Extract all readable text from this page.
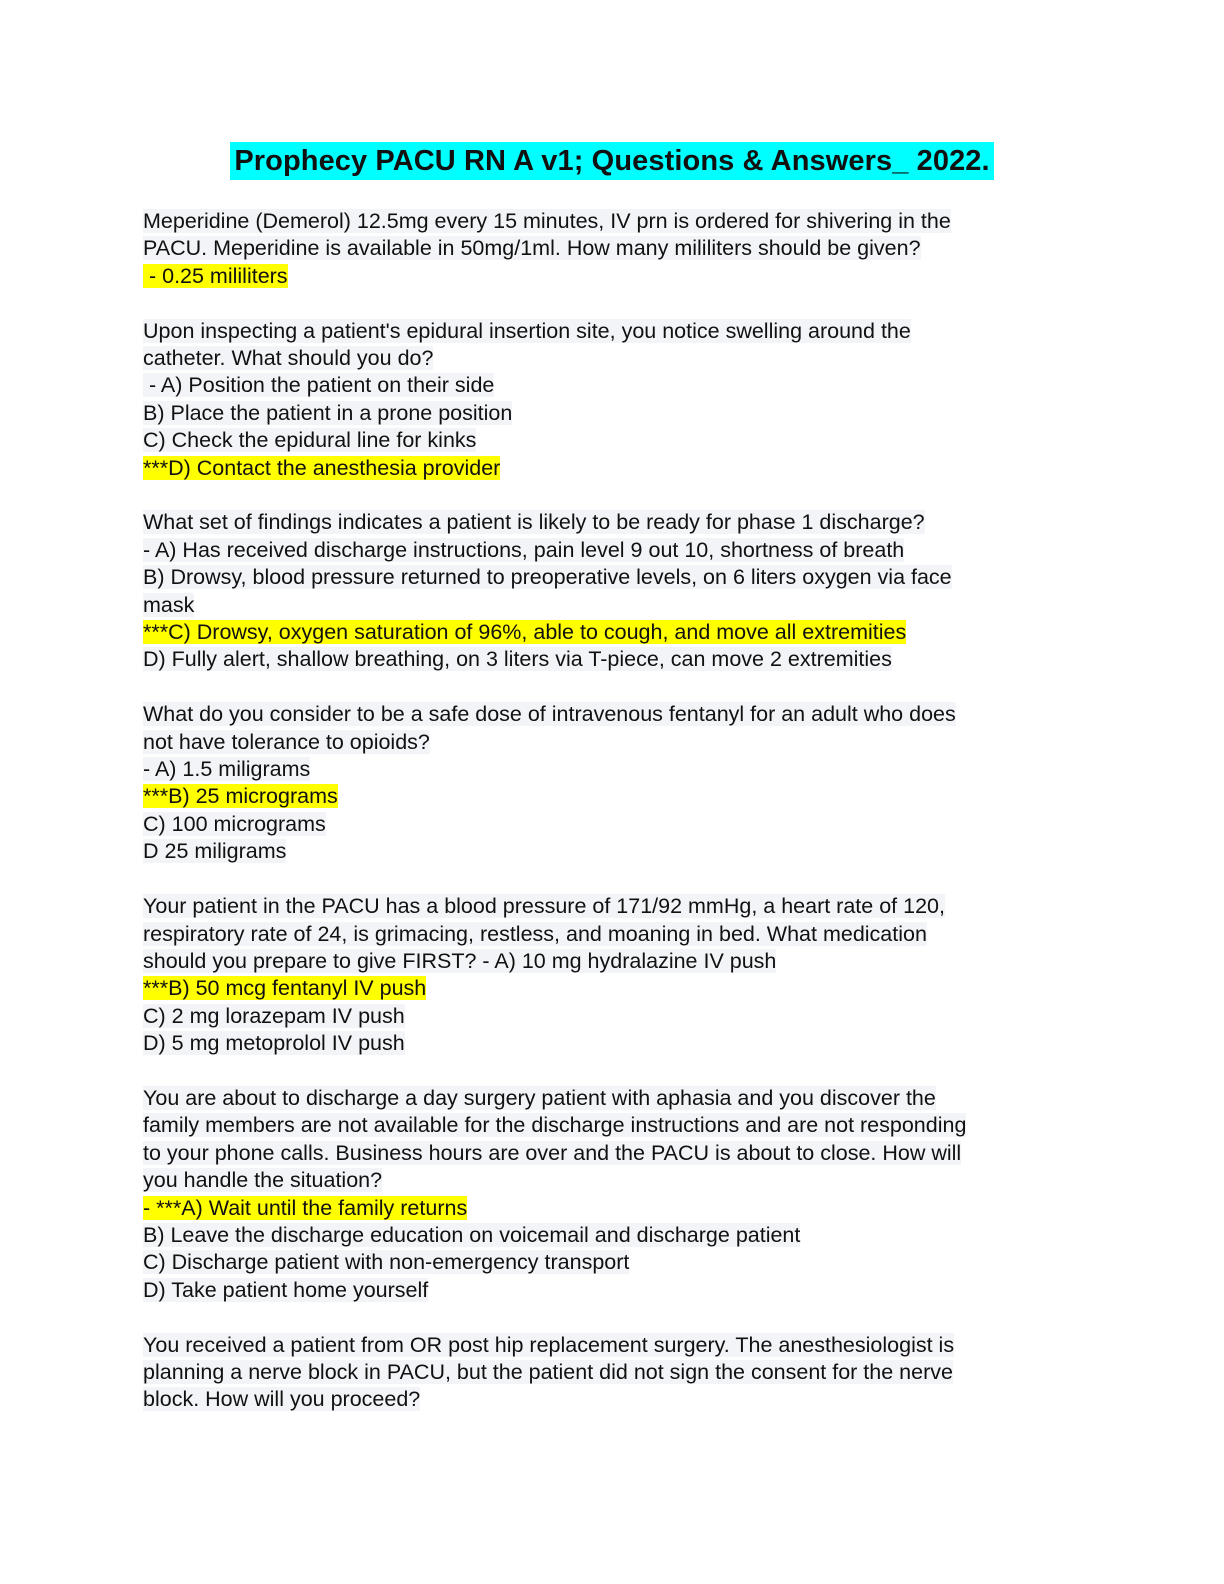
Prophecy PACU RN A v1; Questions & Answers_ 2022.
Meperidine (Demerol) 12.5mg every 15 minutes, IV prn is ordered for shivering in the
PACU. Meperidine is available in 50mg/1ml. How many mililiters should be given?
- 0.25 mililiters
Upon inspecting a patient's epidural insertion site, you notice swelling around the
catheter. What should you do?
- A) Position the patient on their side
B) Place the patient in a prone position
C) Check the epidural line for kinks
***D) Contact the anesthesia provider
What set of findings indicates a patient is likely to be ready for phase 1 discharge?
- A) Has received discharge instructions, pain level 9 out 10, shortness of breath
B) Drowsy, blood pressure returned to preoperative levels, on 6 liters oxygen via face
mask
***C) Drowsy, oxygen saturation of 96%, able to cough, and move all extremities
D) Fully alert, shallow breathing, on 3 liters via T-piece, can move 2 extremities
What do you consider to be a safe dose of intravenous fentanyl for an adult who does
not have tolerance to opioids?
- A) 1.5 miligrams
***B) 25 micrograms
C) 100 micrograms
D 25 miligrams
Your patient in the PACU has a blood pressure of 171/92 mmHg, a heart rate of 120,
respiratory rate of 24, is grimacing, restless, and moaning in bed. What medication
should you prepare to give FIRST? - A) 10 mg hydralazine IV push
***B) 50 mcg fentanyl IV push
C) 2 mg lorazepam IV push
D) 5 mg metoprolol IV push
You are about to discharge a day surgery patient with aphasia and you discover the
family members are not available for the discharge instructions and are not responding
to your phone calls. Business hours are over and the PACU is about to close. How will
you handle the situation?
- ***A) Wait until the family returns
B) Leave the discharge education on voicemail and discharge patient
C) Discharge patient with non-emergency transport
D) Take patient home yourself
You received a patient from OR post hip replacement surgery. The anesthesiologist is
planning a nerve block in PACU, but the patient did not sign the consent for the nerve
block. How will you proceed?
